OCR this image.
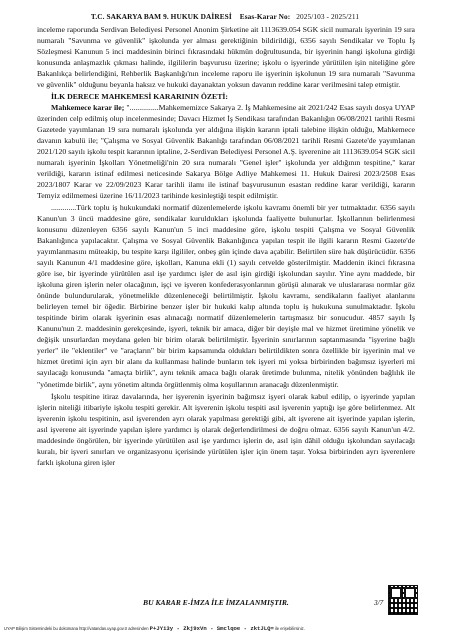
T.C. SAKARYA BAM 9. HUKUK DAİRESİ Esas-Karar No: 2025/103 - 2025/211

inceleme raporunda Serdivan Belediyesi Personel Anonim Şirketine ait 1113639.054 SGK sicil numaralı işyerinin 19 sıra numaralı "Savunma ve güvenlik" işkolunda yer alması gerektiğinin bildirildiği, 6356 sayılı Sendikalar ve Toplu İş Sözleşmesi Kanunun 5 inci maddesinin birinci fıkrasındaki hükmün doğrultusunda, bir işyerinin hangi işkoluna girdiği konusunda anlaşmazlık çıkması halinde, ilgililerin başvurusu üzerine; işkolu o işyerinde yürütülen işin niteliğine göre Bakanlıkça belirlendiğini, Rehberlik Başkanlığı'nın inceleme raporu ile işyerinin işkolunun 19 sıra numaralı "Savunma ve güvenlik" olduğunu beyanla haksız ve hukuki dayanaktan yoksun davanın reddine karar verilmesini talep etmiştir.

İLK DERECE MAHKEMESİ KARARININ ÖZETİ:

Mahkemece karar ile; "...............Mahkememizce Sakarya 2. İş Mahkemesine ait 2021/242 Esas sayılı dosya UYAP üzerinden celp edilmiş olup incelenmesinde; Davacı Hizmet İş Sendikası tarafından Bakanlığın 06/08/2021 tarihli Resmi Gazetede yayımlanan 19 sıra numaralı işkolunda yer aldığına ilişkin kararın iptali talebine ilişkin olduğu, Mahkemece davanın kabulü ile; "Çalışma ve Sosyal Güvenlik Bakanlığı tarafından 06/08/2021 tarihli Resmi Gazete'de yayımlanan 2021/120 sayılı işkolu tespit kararının iptaline, 2-Serdivan Belediyesi Personel A.Ş. işverenine ait 1113639.054 SGK sicil numaralı işyerinin İşkolları Yönetmeliği'nin 20 sıra numaralı "Genel işler" işkolunda yer aldığının tespitine," karar verildiği, kararın istinaf edilmesi neticesinde Sakarya Bölge Adliye Mahkemesi 11. Hukuk Dairesi 2023/2508 Esas 2023/1807 Karar ve 22/09/2023 Karar tarihli ilamı ile istinaf başvurusunun esastan reddine karar verildiği, kararın Temyiz edilmemesi üzerine 16/11/2023 tarihinde kesinleştiği tespit edilmiştir.

.............Türk toplu iş hukukundaki normatif düzenlemelerde işkolu kavramı önemli bir yer tutmaktadır. 6356 sayılı Kanun'un 3 üncü maddesine göre, sendikalar kuruldukları işkolunda faaliyette bulunurlar. İşkollarının belirlenmesi konusunu düzenleyen 6356 sayılı Kanun'un 5 inci maddesine göre, işkolu tespiti Çalışma ve Sosyal Güvenlik Bakanlığınca yapılacaktır. Çalışma ve Sosyal Güvenlik Bakanlığınca yapılan tespit ile ilgili kararın Resmi Gazete'de yayımlanmasını müteakip, bu tespite karşı ilgililer, onbeş gün içinde dava açabilir. Belirtilen süre hak düşürücüdür. 6356 sayılı Kanunun 4/1 maddesine göre, işkolları, Kanuna ekli (1) sayılı cetvelde gösterilmiştir. Maddenin ikinci fıkrasına göre ise, bir işyerinde yürütülen asıl işe yardımcı işler de asıl işin girdiği işkolundan sayılır. Yine aynı maddede, bir işkoluna giren işlerin neler olacağının, işçi ve işveren konfederasyonlarının görüşü alınarak ve uluslararası normlar göz önünde bulundurularak, yönetmelikle düzenleneceği belirtilmiştir. İşkolu kavramı, sendikaların faaliyet alanlarını belirleyen temel bir öğedir. Birbirine benzer işler bir hukuki kalıp altında toplu iş hukukuna sunulmaktadır. İşkolu tespitinde birim olarak işyerinin esas alınacağı normatif düzenlemelerin tartışmasız bir sonucudur. 4857 sayılı İş Kanunu'nun 2. maddesinin gerekçesinde, işyeri, teknik bir amaca, diğer bir deyişle mal ve hizmet üretimine yönelik ve değişik unsurlardan meydana gelen bir birim olarak belirtilmiştir. İşyerinin sınırlarının saptanmasında "işyerine bağlı yerler" ile "eklentiler" ve "araçların" bir birim kapsamında oldukları belirtildikten sonra özellikle bir işyerinin mal ve hizmet üretimi için ayrı bir alanı da kullanması halinde bunların tek işyeri mi yoksa birbirinden bağımsız işyerleri mi sayılacağı konusunda "amaçta birlik", aynı teknik amaca bağlı olarak üretimde bulunma, nitelik yönünden bağlılık ile "yönetimde birlik", aynı yönetim altında örgütlenmiş olma koşullarının aranacağı düzenlenmiştir.

İşkolu tespitine itiraz davalarında, her işyerenin işyerinin bağımsız işyeri olarak kabul edilip, o işyerinde yapılan işlerin niteliği itibariyle işkolu tespiti gerekir. Alt işverenin işkolu tespiti asıl işverenin yaptığı işe göre belirlenmez. Alt işverenin işkolu tespitinin, asıl işverenden ayrı olarak yapılması gerektiği gibi, alt işverene ait işyerinde yapılan işlerin, asıl işverene ait işyerinde yapılan işlere yardımcı iş olarak değerlendirilmesi de doğru olmaz. 6356 sayılı Kanun'un 4/2. maddesinde öngörülen, bir işyerinde yürütülen asıl işe yardımcı işlerin de, asıl işin dâhil olduğu işkolundan sayılacağı kuralı, bir işveri sınırları ve organizasyonu içerisinde yürütülen işler için önem taşır. Yoksa birbirinden ayrı işverenlere farklı işkoluna giren işler

BU KARAR E-İMZA İLE İMZALANMIŞTIR.	3/7
UYAP Bilişim Sistemindeki bu dokümana http://vatandas.uyap.gov.tr adresinden P+JYi3y - Zkj9xVn - Smclqoe - zktJLQ= ile erişebilirsiniz.
